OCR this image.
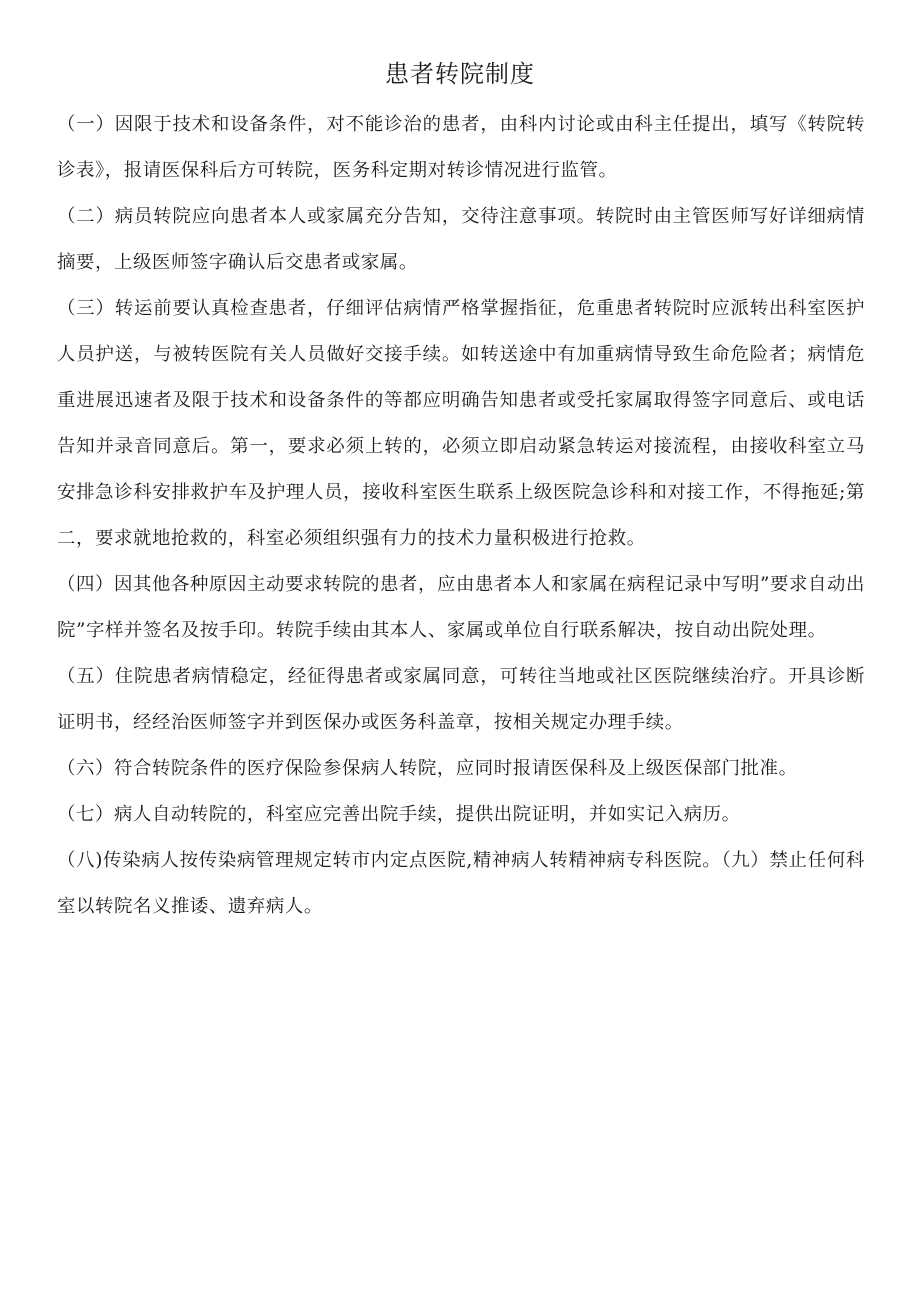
患者转院制度

（一）因限于技术和设备条件，对不能诊治的患者，由科内讨论或由科主任提出，填写《转院转诊表》，报请医保科后方可转院，医务科定期对转诊情况进行监管。

（二）病员转院应向患者本人或家属充分告知，交待注意事项。转院时由主管医师写好详细病情摘要，上级医师签字确认后交患者或家属。

（三）转运前要认真检查患者，仔细评估病情严格掌握指征，危重患者转院时应派转出科室医护人员护送，与被转医院有关人员做好交接手续。如转送途中有加重病情导致生命危险者；病情危重进展迅速者及限于技术和设备条件的等都应明确告知患者或受托家属取得签字同意后、或电话告知并录音同意后。第一，要求必须上转的，必须立即启动紧急转运对接流程，由接收科室立马安排急诊科安排救护车及护理人员，接收科室医生联系上级医院急诊科和对接工作，不得拖延;第二，要求就地抢救的，科室必须组织强有力的技术力量积极进行抢救。

（四）因其他各种原因主动要求转院的患者，应由患者本人和家属在病程记录中写明”要求自动出院”字样并签名及按手印。转院手续由其本人、家属或单位自行联系解决，按自动出院处理。

（五）住院患者病情稳定，经征得患者或家属同意，可转往当地或社区医院继续治疗。开具诊断证明书，经经治医师签字并到医保办或医务科盖章，按相关规定办理手续。

（六）符合转院条件的医疗保险参保病人转院，应同时报请医保科及上级医保部门批准。

（七）病人自动转院的，科室应完善出院手续，提供出院证明，并如实记入病历。

（八)传染病人按传染病管理规定转市内定点医院,精神病人转精神病专科医院。（九）禁止任何科室以转院名义推诿、遗弃病人。
